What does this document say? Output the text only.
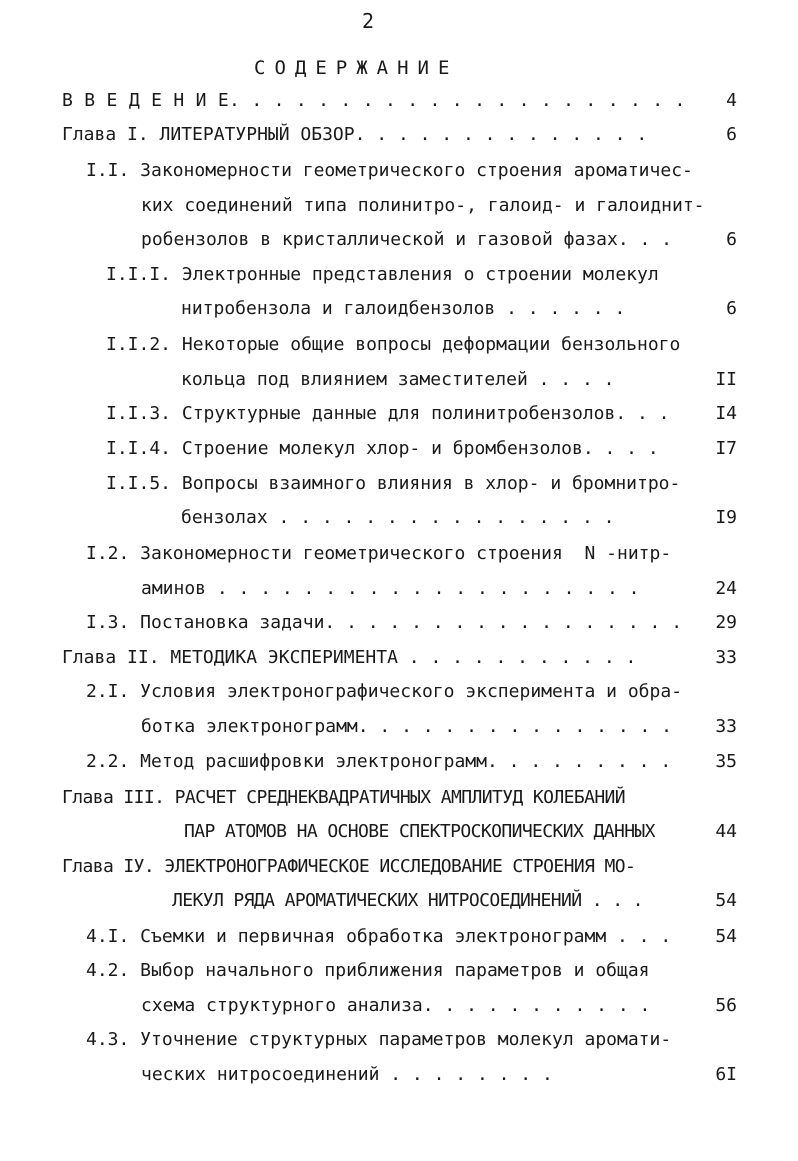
2
СОДЕРЖАНИЕ
В В Е Д Е Н И Е. . . . . . . . . . . . . . . . . . . . .	4
Глава I. ЛИТЕРАТУРНЫЙ ОБЗОР. . . . . . . . . . . . . .	6
I.I. Закономерности геометрического строения ароматичес-
ких соединений типа полинитро-, галоид- и галоиднит-
робензолов в кристаллической и газовой фазах. . .	6
I.I.I. Электронные представления о строении молекул
нитробензола и галоидбензолов . . . . . .	6
I.I.2. Некоторые общие вопросы деформации бензольного
кольца под влиянием заместителей . . . .	II
I.I.3. Структурные данные для полинитробензолов. . .	I4
I.I.4. Строение молекул хлор- и бромбензолов. . . .	I7
I.I.5. Вопросы взаимного влияния в хлор- и бромнитро-
бензолах . . . . . . . . . . . . . . . .	I9
I.2. Закономерности геометрического строения  N -нитр-
аминов . . . . . . . . . . . . . . . . . . . .	24
I.3. Постановка задачи. . . . . . . . . . . . . . . . .	29
Глава II. МЕТОДИКА ЭКСПЕРИМЕНТА . . . . . . . . . . .	33
2.I. Условия электронографического эксперимента и обра-
ботка электронограмм. . . . . . . . . . . . . . .	33
2.2. Метод расшифровки электронограмм. . . . . . . . .	35
Глава III. РАСЧЕТ СРЕДНЕКВАДРАТИЧНЫХ АМПЛИТУД КОЛЕБАНИЙ
ПАР АТОМОВ НА ОСНОВЕ СПЕКТРОСКОПИЧЕСКИХ ДАННЫХ	44
Глава IУ. ЭЛЕКТРОНОГРАФИЧЕСКОЕ ИССЛЕДОВАНИЕ СТРОЕНИЯ МО-
ЛЕКУЛ РЯДА АРОМАТИЧЕСКИХ НИТРОСОЕДИНЕНИЙ . . .	54
4.I. Съемки и первичная обработка электронограмм . . .	54
4.2. Выбор начального приближения параметров и общая
схема структурного анализа. . . . . . . . . . .	56
4.3. Уточнение структурных параметров молекул аромати-
ческих нитросоединений . . . . . . . .	6I
